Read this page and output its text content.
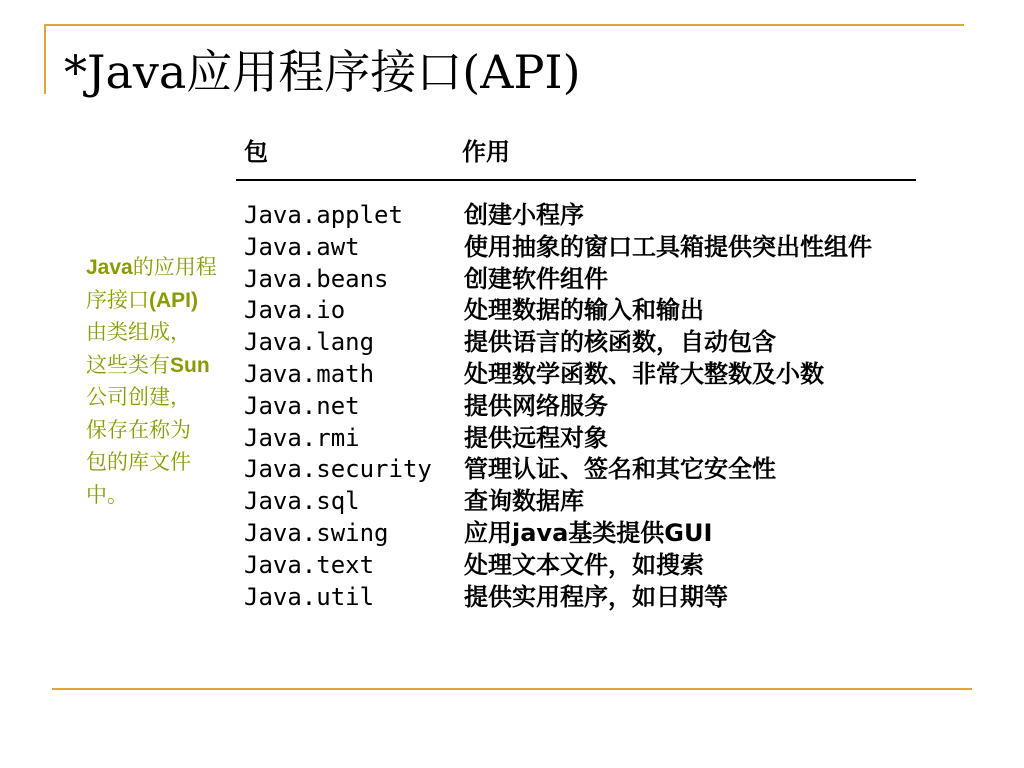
*Java应用程序接口(API)
Java的应用程
序接口(API)
由类组成，
这些类有Sun
公司创建，
保存在称为
包的库文件
中。
包	作用
Java.applet	创建小程序
Java.awt	使用抽象的窗口工具箱提供突出性组件
Java.beans	创建软件组件
Java.io	处理数据的输入和输出
Java.lang	提供语言的核函数，自动包含
Java.math	处理数学函数、非常大整数及小数
Java.net	提供网络服务
Java.rmi	提供远程对象
Java.security 管理认证、签名和其它安全性
Java.sql	查询数据库
Java.swing	应用java基类提供GUI
Java.text	处理文本文件，如搜索
Java.util	提供实用程序，如日期等
